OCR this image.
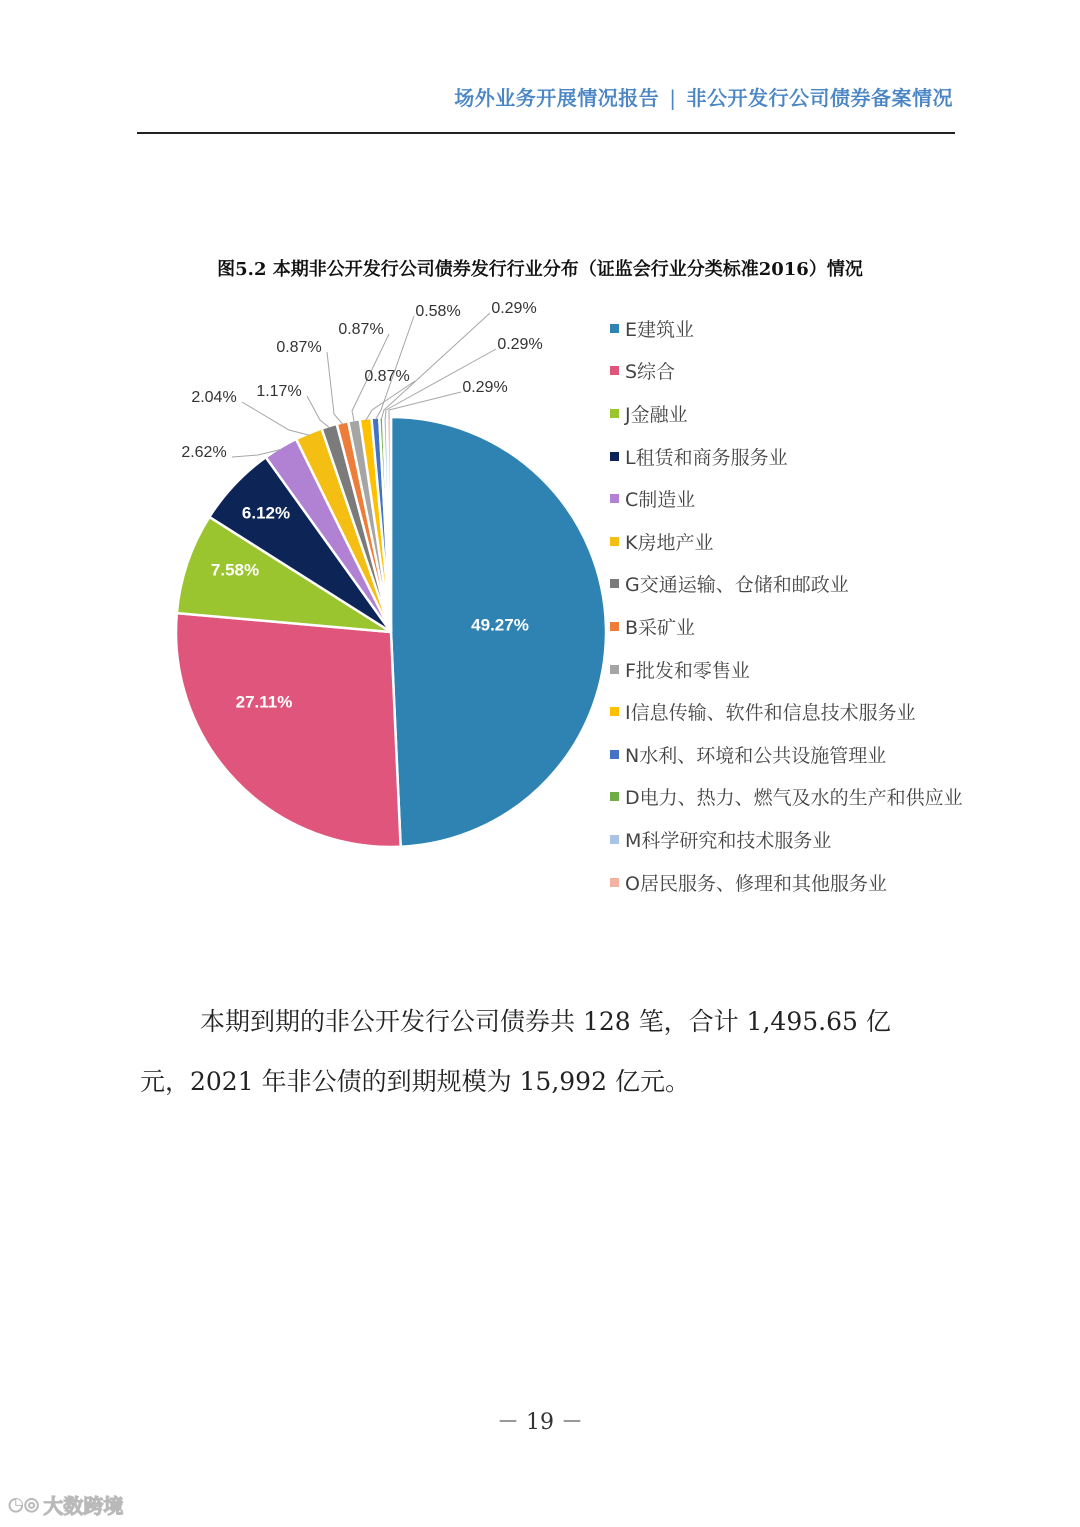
场外业务开展情况报告 | 非公开发行公司债券备案情况
图5.2 本期非公开发行公司债券发行行业分布（证监会行业分类标准2016）情况
49.27%
27.11%
7.58%
6.12%
2.62%
2.04% 1.17%
0.87%
0.87%
0.87%
0.58% 0.29%
0.29%
0.29%
E建筑业
S综合
J金融业
L租赁和商务服务业
C制造业
K房地产业
G交通运输、仓储和邮政业
B采矿业
F批发和零售业
I信息传输、软件和信息技术服务业
N水利、环境和公共设施管理业
D电力、热力、燃气及水的生产和供应业
M科学研究和技术服务业
O居民服务、修理和其他服务业

本期到期的非公开发行公司债券共 128 笔，合计 1,495.65 亿

元，2021 年非公债的到期规模为 15,992 亿元。

－ 19 －
◔◎ 大数跨境
